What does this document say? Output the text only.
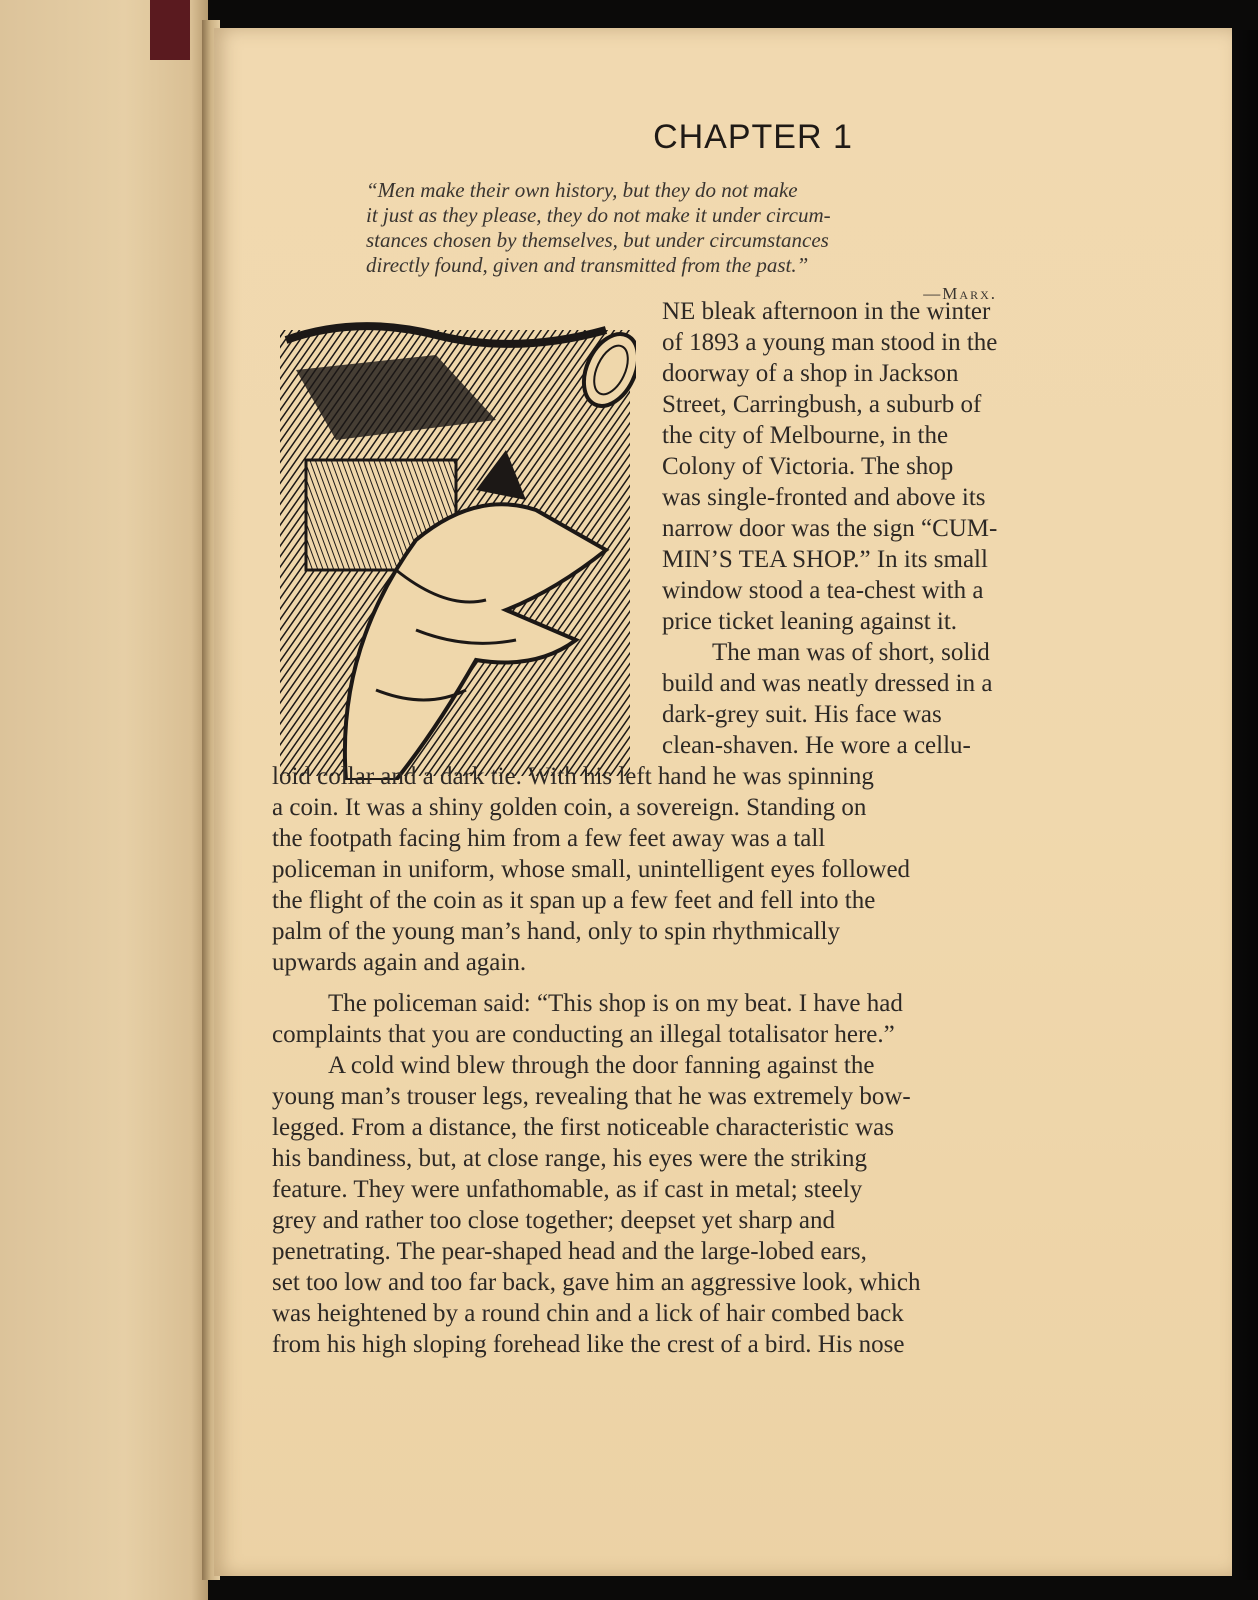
CHAPTER 1
“Men make their own history, but they do not make
it just as they please, they do not make it under circum-
stances chosen by themselves, but under circumstances
directly found, given and transmitted from the past.”
—Marx.
NE bleak afternoon in the winter
of 1893 a young man stood in the
doorway of a shop in Jackson
Street, Carringbush, a suburb of
the city of Melbourne, in the
Colony of Victoria. The shop
was single-fronted and above its
narrow door was the sign “CUM-
MIN’S TEA SHOP.” In its small
window stood a tea-chest with a
price ticket leaning against it.
The man was of short, solid
build and was neatly dressed in a
dark-grey suit. His face was
clean-shaven. He wore a cellu-
loid collar and a dark tie. With his left hand he was spinning
a coin. It was a shiny golden coin, a sovereign. Standing on
the footpath facing him from a few feet away was a tall
policeman in uniform, whose small, unintelligent eyes followed
the flight of the coin as it span up a few feet and fell into the
palm of the young man’s hand, only to spin rhythmically
upwards again and again.
The policeman said: “This shop is on my beat. I have had
complaints that you are conducting an illegal totalisator here.”
A cold wind blew through the door fanning against the
young man’s trouser legs, revealing that he was extremely bow-
legged. From a distance, the first noticeable characteristic was
his bandiness, but, at close range, his eyes were the striking
feature. They were unfathomable, as if cast in metal; steely
grey and rather too close together; deepset yet sharp and
penetrating. The pear-shaped head and the large-lobed ears,
set too low and too far back, gave him an aggressive look, which
was heightened by a round chin and a lick of hair combed back
from his high sloping forehead like the crest of a bird. His nose
